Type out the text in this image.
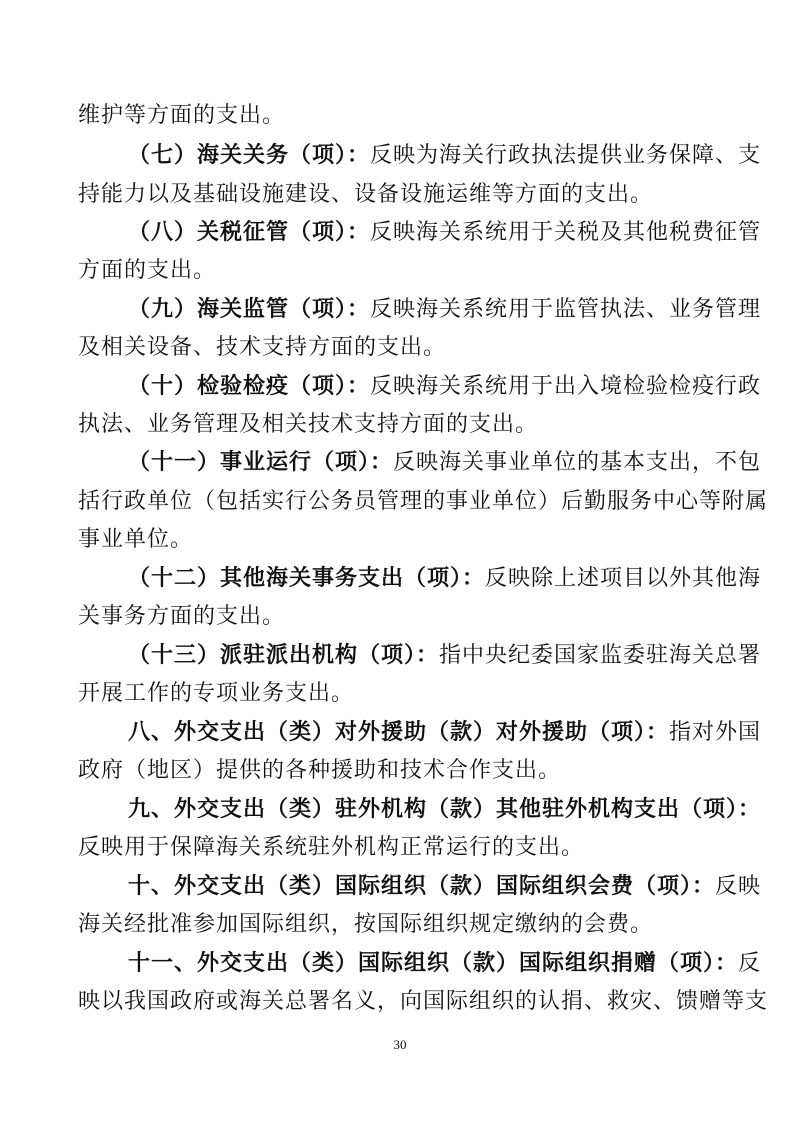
维护等方面的支出。
（七）海关关务（项）：反映为海关行政执法提供业务保障、支
持能力以及基础设施建设、设备设施运维等方面的支出。
（八）关税征管（项）：反映海关系统用于关税及其他税费征管
方面的支出。
（九）海关监管（项）：反映海关系统用于监管执法、业务管理
及相关设备、技术支持方面的支出。
（十）检验检疫（项）：反映海关系统用于出入境检验检疫行政
执法、业务管理及相关技术支持方面的支出。
（十一）事业运行（项）：反映海关事业单位的基本支出，不包
括行政单位（包括实行公务员管理的事业单位）后勤服务中心等附属
事业单位。
（十二）其他海关事务支出（项）：反映除上述项目以外其他海
关事务方面的支出。
（十三）派驻派出机构（项）：指中央纪委国家监委驻海关总署
开展工作的专项业务支出。
八、外交支出（类）对外援助（款）对外援助（项）：指对外国
政府（地区）提供的各种援助和技术合作支出。
九、外交支出（类）驻外机构（款）其他驻外机构支出（项）：
反映用于保障海关系统驻外机构正常运行的支出。
十、外交支出（类）国际组织（款）国际组织会费（项）：反映
海关经批准参加国际组织，按国际组织规定缴纳的会费。
十一、外交支出（类）国际组织（款）国际组织捐赠（项）：反
映以我国政府或海关总署名义，向国际组织的认捐、救灾、馈赠等支
30
